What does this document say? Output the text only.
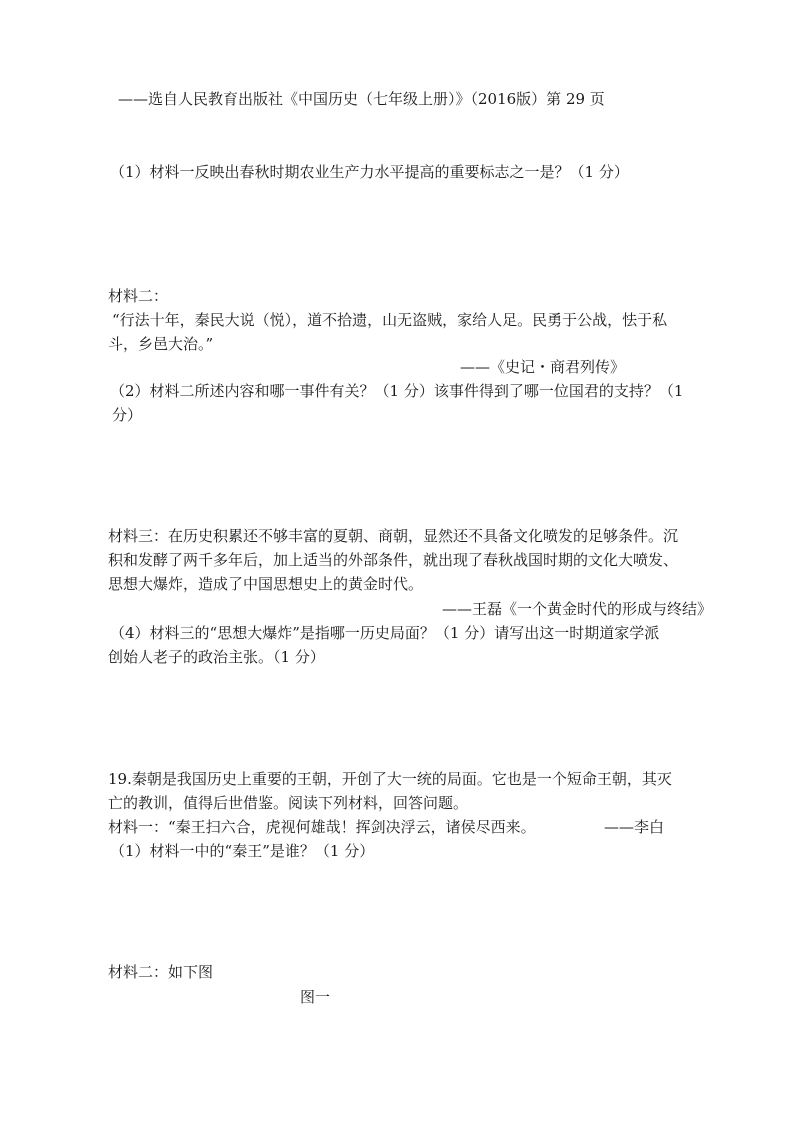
——选自人民教育出版社《中国历史（七年级上册）》（2016版）第 29 页
（1）材料一反映出春秋时期农业生产力水平提高的重要标志之一是？（1 分）
材料二：
“行法十年，秦民大说（悦），道不拾遗，山无盗贼，家给人足。民勇于公战，怯于私
斗，乡邑大治。”
——《史记・商君列传》
（2）材料二所述内容和哪一事件有关？（1 分）该事件得到了哪一位国君的支持？（1
分）
材料三：在历史积累还不够丰富的夏朝、商朝，显然还不具备文化喷发的足够条件。沉
积和发酵了两千多年后，加上适当的外部条件，就出现了春秋战国时期的文化大喷发、
思想大爆炸，造成了中国思想史上的黄金时代。
——王磊《一个黄金时代的形成与终结》
（4）材料三的“思想大爆炸”是指哪一历史局面？（1 分）请写出这一时期道家学派
创始人老子的政治主张。（1 分）
19.秦朝是我国历史上重要的王朝，开创了大一统的局面。它也是一个短命王朝，其灭
亡的教训，值得后世借鉴。阅读下列材料，回答问题。
材料一：“秦王扫六合，虎视何雄哉！挥剑决浮云，诸侯尽西来。	——李白
（1）材料一中的“秦王”是谁？（1 分）
材料二：如下图
图一
